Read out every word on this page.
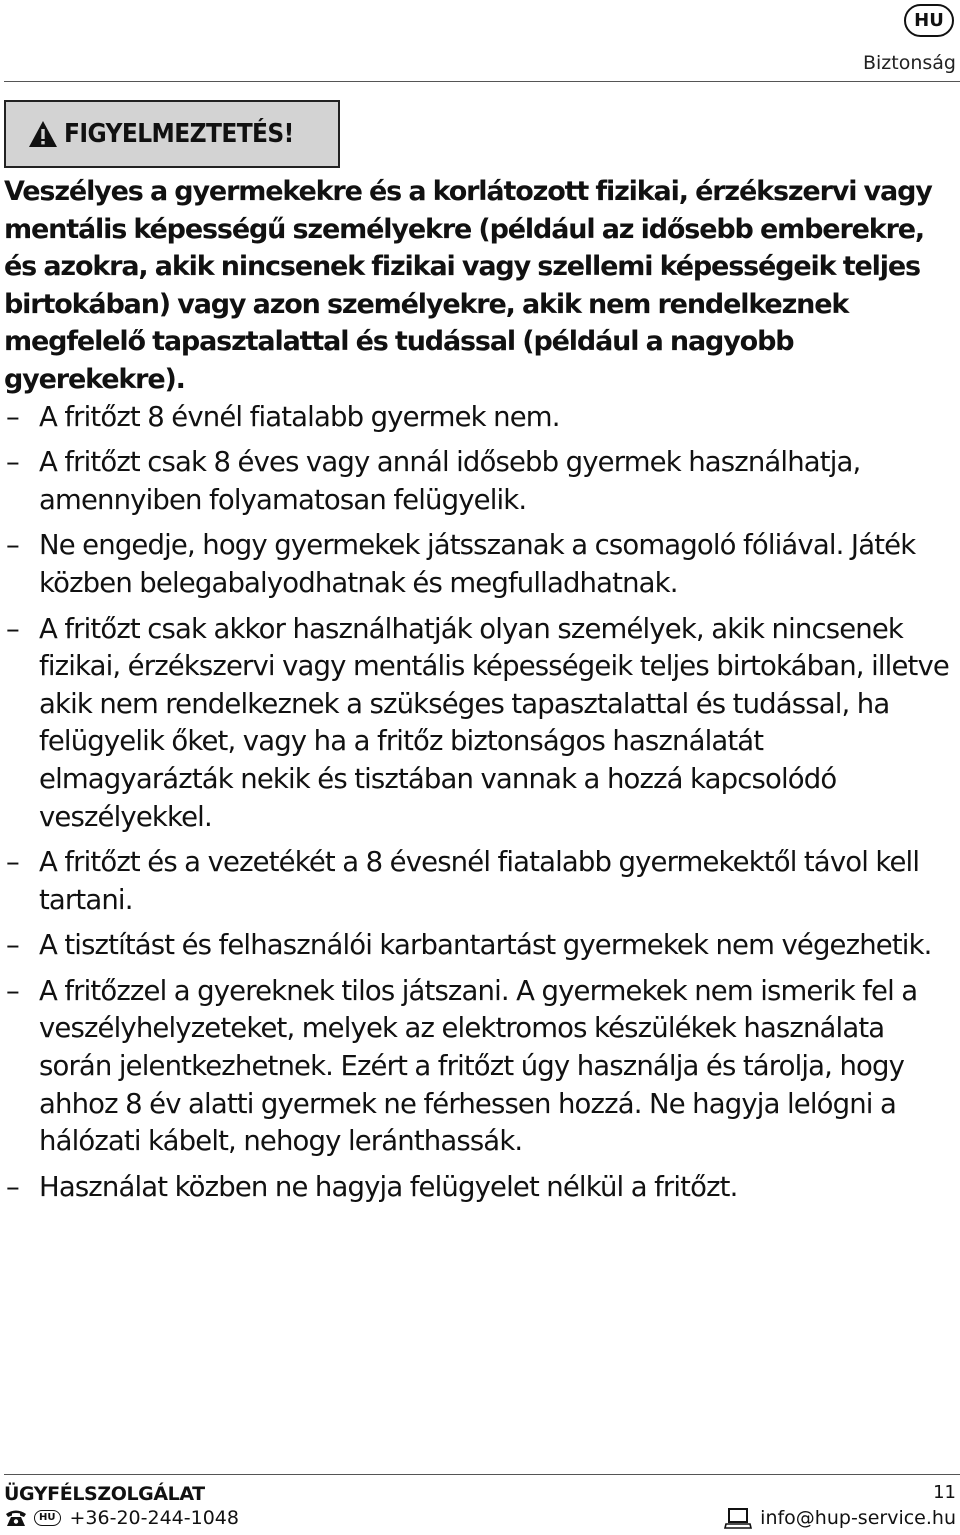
HU
Biztonság
FIGYELMEZTETÉS!

Veszélyes a gyermekekre és a korlátozott fizikai, érzékszervi vagy mentális képességű személyekre (például az idősebb emberekre, és azokra, akik nincsenek fizikai vagy szellemi képességeik teljes birtokában) vagy azon személyekre, akik nem rendelkeznek megfelelő tapasztalattal és tudással (például a nagyobb gyerekekre).

– A fritőzt 8 évnél fiatalabb gyermek nem.
– A fritőzt csak 8 éves vagy annál idősebb gyermek használhatja, amennyiben folyamatosan felügyelik.
– Ne engedje, hogy gyermekek játsszanak a csomagoló fóliával. Játék közben belegabalyodhatnak és megfulladhatnak.
– A fritőzt csak akkor használhatják olyan személyek, akik nincsenek fizikai, érzékszervi vagy mentális képességeik teljes birtokában, illetve akik nem rendelkeznek a szükséges tapasztalattal és tudással, ha felügyelik őket, vagy ha a fritőz biztonságos használatát elmagyarázták nekik és tisztában vannak a hozzá kapcsolódó veszélyekkel.
– A fritőzt és a vezetékét a 8 évesnél fiatalabb gyermekektől távol kell tartani.
– A tisztítást és felhasználói karbantartást gyermekek nem végezhetik.
– A fritőzzel a gyereknek tilos játszani. A gyermekek nem ismerik fel a veszélyhelyzeteket, melyek az elektromos készülékek használata során jelentkezhetnek. Ezért a fritőzt úgy használja és tárolja, hogy ahhoz 8 év alatti gyermek ne férhessen hozzá. Ne hagyja lelógni a hálózati kábelt, nehogy leránthassák.
– Használat közben ne hagyja felügyelet nélkül a fritőzt.
ÜGYFÉLSZOLGÁLAT	11
HU +36-20-244-1048	info@hup-service.hu
